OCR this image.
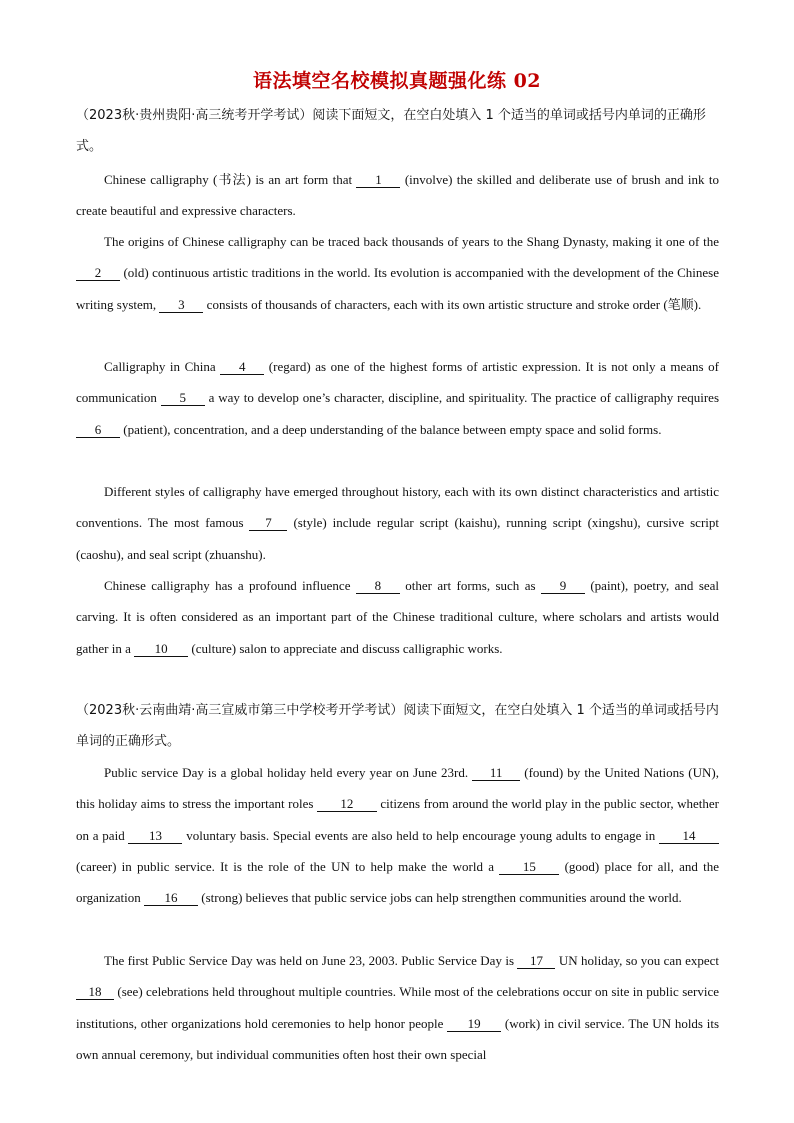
语法填空名校模拟真题强化练 02
（2023秋·贵州贵阳·高三统考开学考试）阅读下面短文，在空白处填入 1 个适当的单词或括号内单词的正确形式。

Chinese calligraphy (书法) is an art form that 1 (involve) the skilled and deliberate use of brush and ink to create beautiful and expressive characters.

The origins of Chinese calligraphy can be traced back thousands of years to the Shang Dynasty, making it one of the 2 (old) continuous artistic traditions in the world. Its evolution is accompanied with the development of the Chinese writing system, 3 consists of thousands of characters, each with its own artistic structure and stroke order (笔顺).

Calligraphy in China 4 (regard) as one of the highest forms of artistic expression. It is not only a means of communication 5 a way to develop one’s character, discipline, and spirituality. The practice of calligraphy requires 6 (patient), concentration, and a deep understanding of the balance between empty space and solid forms.

Different styles of calligraphy have emerged throughout history, each with its own distinct characteristics and artistic conventions. The most famous 7 (style) include regular script (kaishu), running script (xingshu), cursive script (caoshu), and seal script (zhuanshu).

Chinese calligraphy has a profound influence 8 other art forms, such as 9 (paint), poetry, and seal carving. It is often considered as an important part of the Chinese traditional culture, where scholars and artists would gather in a 10 (culture) salon to appreciate and discuss calligraphic works.

（2023秋·云南曲靖·高三宣威市第三中学校考开学考试）阅读下面短文，在空白处填入 1 个适当的单词或括号内单词的正确形式。

Public service Day is a global holiday held every year on June 23rd. 11 (found) by the United Nations (UN), this holiday aims to stress the important roles 12 citizens from around the world play in the public sector, whether on a paid 13 voluntary basis. Special events are also held to help encourage young adults to engage in 14 (career) in public service. It is the role of the UN to help make the world a 15 (good) place for all, and the organization 16 (strong) believes that public service jobs can help strengthen communities around the world.

The first Public Service Day was held on June 23, 2003. Public Service Day is 17 UN holiday, so you can expect 18 (see) celebrations held throughout multiple countries. While most of the celebrations occur on site in public service institutions, other organizations hold ceremonies to help honor people 19 (work) in civil service. The UN holds its own annual ceremony, but individual communities often host their own special
